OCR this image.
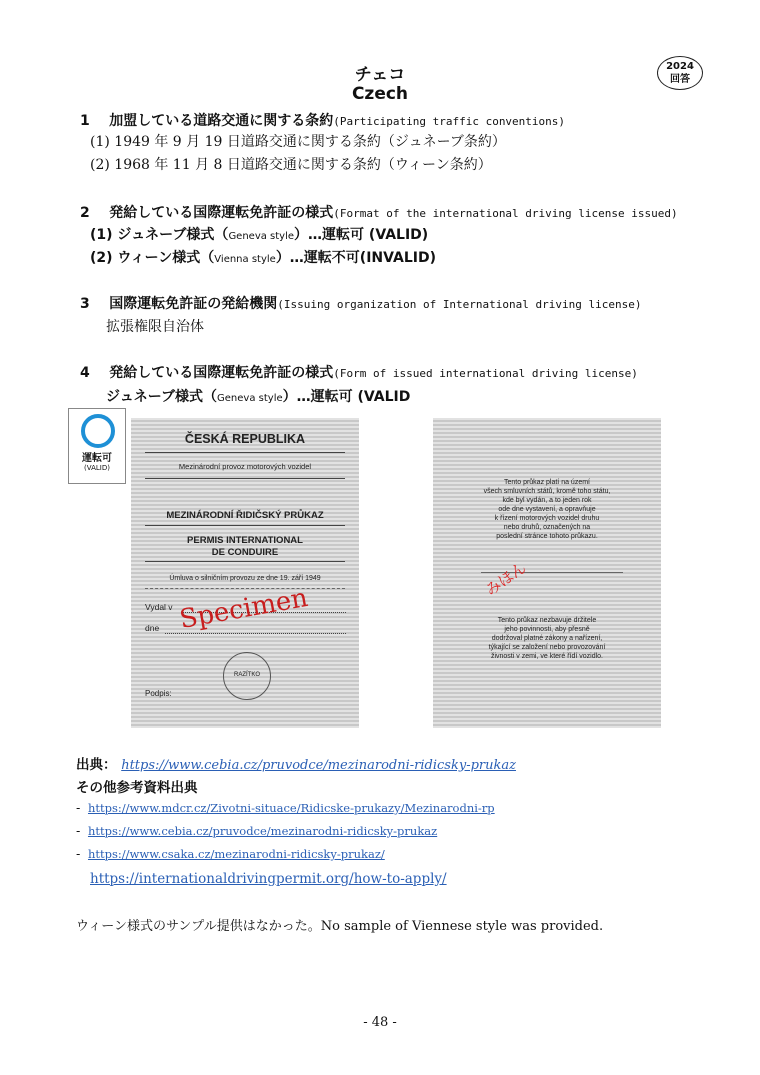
チェコ
Czech
2024
回答
1 加盟している道路交通に関する条約(Participating traffic conventions)
(1) 1949 年 9 月 19 日道路交通に関する条約（ジュネーブ条約）
(2) 1968 年 11 月 8 日道路交通に関する条約（ウィーン条約）
2 発給している国際運転免許証の様式(Format of the international driving license issued)
(1) ジュネーブ様式（Geneva style）…運転可 (VALID)
(2) ウィーン様式（Vienna style）…運転不可(INVALID)
3 国際運転免許証の発給機関(Issuing organization of International driving license)
拡張権限自治体
4 発給している国際運転免許証の様式(Form of issued international driving license)
ジュネーブ様式（Geneva style）…運転可 (VALID
運転可
(VALID)
ČESKÁ REPUBLIKA
Mezinárodní provoz motorových vozidel
MEZINÁRODNÍ ŘIDIČSKÝ PRŮKAZ
PERMIS INTERNATIONAL
DE CONDUIRE
Úmluva o silničním provozu ze dne 19. září 1949
Vydal v
dne Specimen
RAZÍTKO
Podpis:
Tento průkaz platí na území
všech smluvních států, kromě toho státu,
kde byl vydán, a to jeden rok
ode dne vystavení, a opravňuje
k řízení motorových vozidel druhu
nebo druhů, označených na
poslední stránce tohoto průkazu.
みほん
Tento průkaz nezbavuje držitele
jeho povinnosti, aby přesně
dodržoval platné zákony a nařízení,
týkající se založení nebo provozování
živnosti v zemi, ve které řídí vozidlo.
出典： https://www.cebia.cz/pruvodce/mezinarodni-ridicsky-prukaz
その他参考資料出典
- https://www.mdcr.cz/Zivotni-situace/Ridicske-prukazy/Mezinarodni-rp
- https://www.cebia.cz/pruvodce/mezinarodni-ridicsky-prukaz
- https://www.csaka.cz/mezinarodni-ridicsky-prukaz/
https://internationaldrivingpermit.org/how-to-apply/
ウィーン様式のサンプル提供はなかった。No sample of Viennese style was provided.
- 48 -
